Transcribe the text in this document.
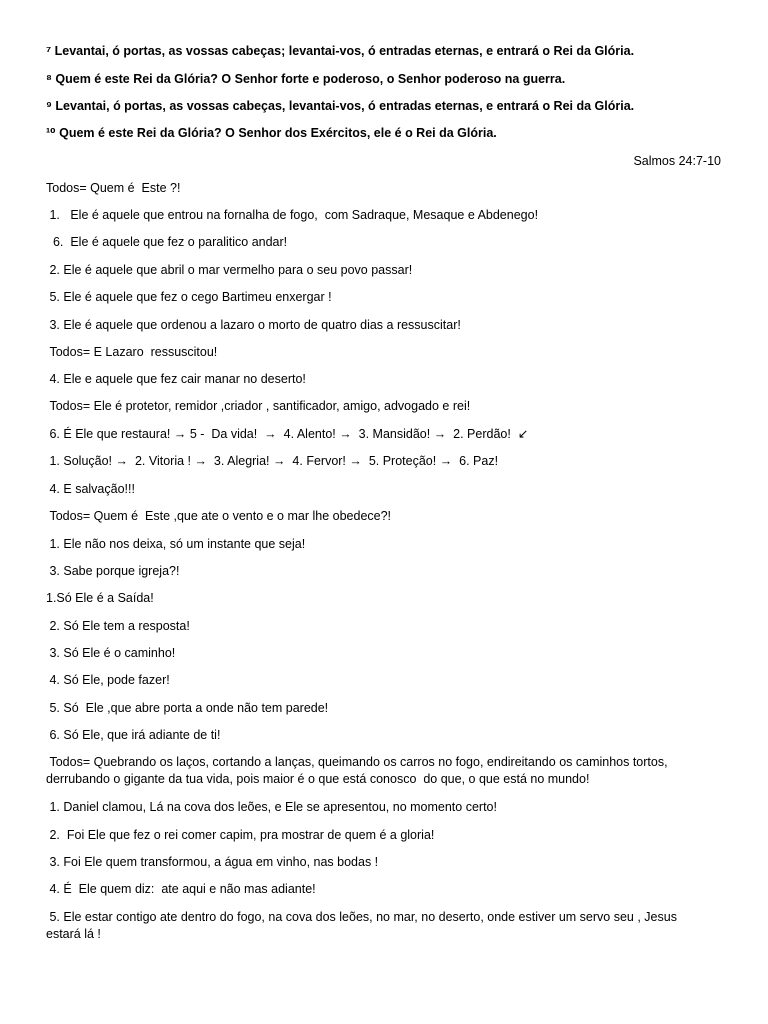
⁷ Levantai, ó portas, as vossas cabeças; levantai-vos, ó entradas eternas, e entrará o Rei da Glória.
⁸ Quem é este Rei da Glória? O Senhor forte e poderoso, o Senhor poderoso na guerra.
⁹ Levantai, ó portas, as vossas cabeças, levantai-vos, ó entradas eternas, e entrará o Rei da Glória.
¹⁰ Quem é este Rei da Glória? O Senhor dos Exércitos, ele é o Rei da Glória.
Salmos 24:7-10
Todos= Quem é  Este ?!
1.   Ele é aquele que entrou na fornalha de fogo,  com Sadraque, Mesaque e Abdenego!
6.  Ele é aquele que fez o paralitico andar!
2. Ele é aquele que abril o mar vermelho para o seu povo passar!
5. Ele é aquele que fez o cego Bartimeu enxergar !
3. Ele é aquele que ordenou a lazaro o morto de quatro dias a ressuscitar!
Todos= E Lazaro  ressuscitou!
4. Ele e aquele que fez cair manar no deserto!
Todos= Ele é protetor, remidor ,criador , santificador, amigo, advogado e rei!
6. É Ele que restaura! → 5 -  Da vida!  →  4. Alento! →  3. Mansidão! →  2. Perdão!  ↙
1. Solução! →  2. Vitoria ! →  3. Alegria! →  4. Fervor! →  5. Proteção! →  6. Paz!
4. E salvação!!!
Todos= Quem é  Este ,que ate o vento e o mar lhe obedece?!
1. Ele não nos deixa, só um instante que seja!
3. Sabe porque igreja?!
1.Só Ele é a Saída!
2. Só Ele tem a resposta!
3. Só Ele é o caminho!
4. Só Ele, pode fazer!
5. Só  Ele ,que abre porta a onde não tem parede!
6. Só Ele, que irá adiante de ti!
Todos= Quebrando os laços, cortando a lanças, queimando os carros no fogo, endireitando os caminhos tortos,
derrubando o gigante da tua vida, pois maior é o que está conosco  do que, o que está no mundo!
1. Daniel clamou, Lá na cova dos leões, e Ele se apresentou, no momento certo!
2.  Foi Ele que fez o rei comer capim, pra mostrar de quem é a gloria!
3. Foi Ele quem transformou, a água em vinho, nas bodas !
4. É  Ele quem diz:  ate aqui e não mas adiante!
5. Ele estar contigo ate dentro do fogo, na cova dos leões, no mar, no deserto, onde estiver um servo seu , Jesus
estará lá !
